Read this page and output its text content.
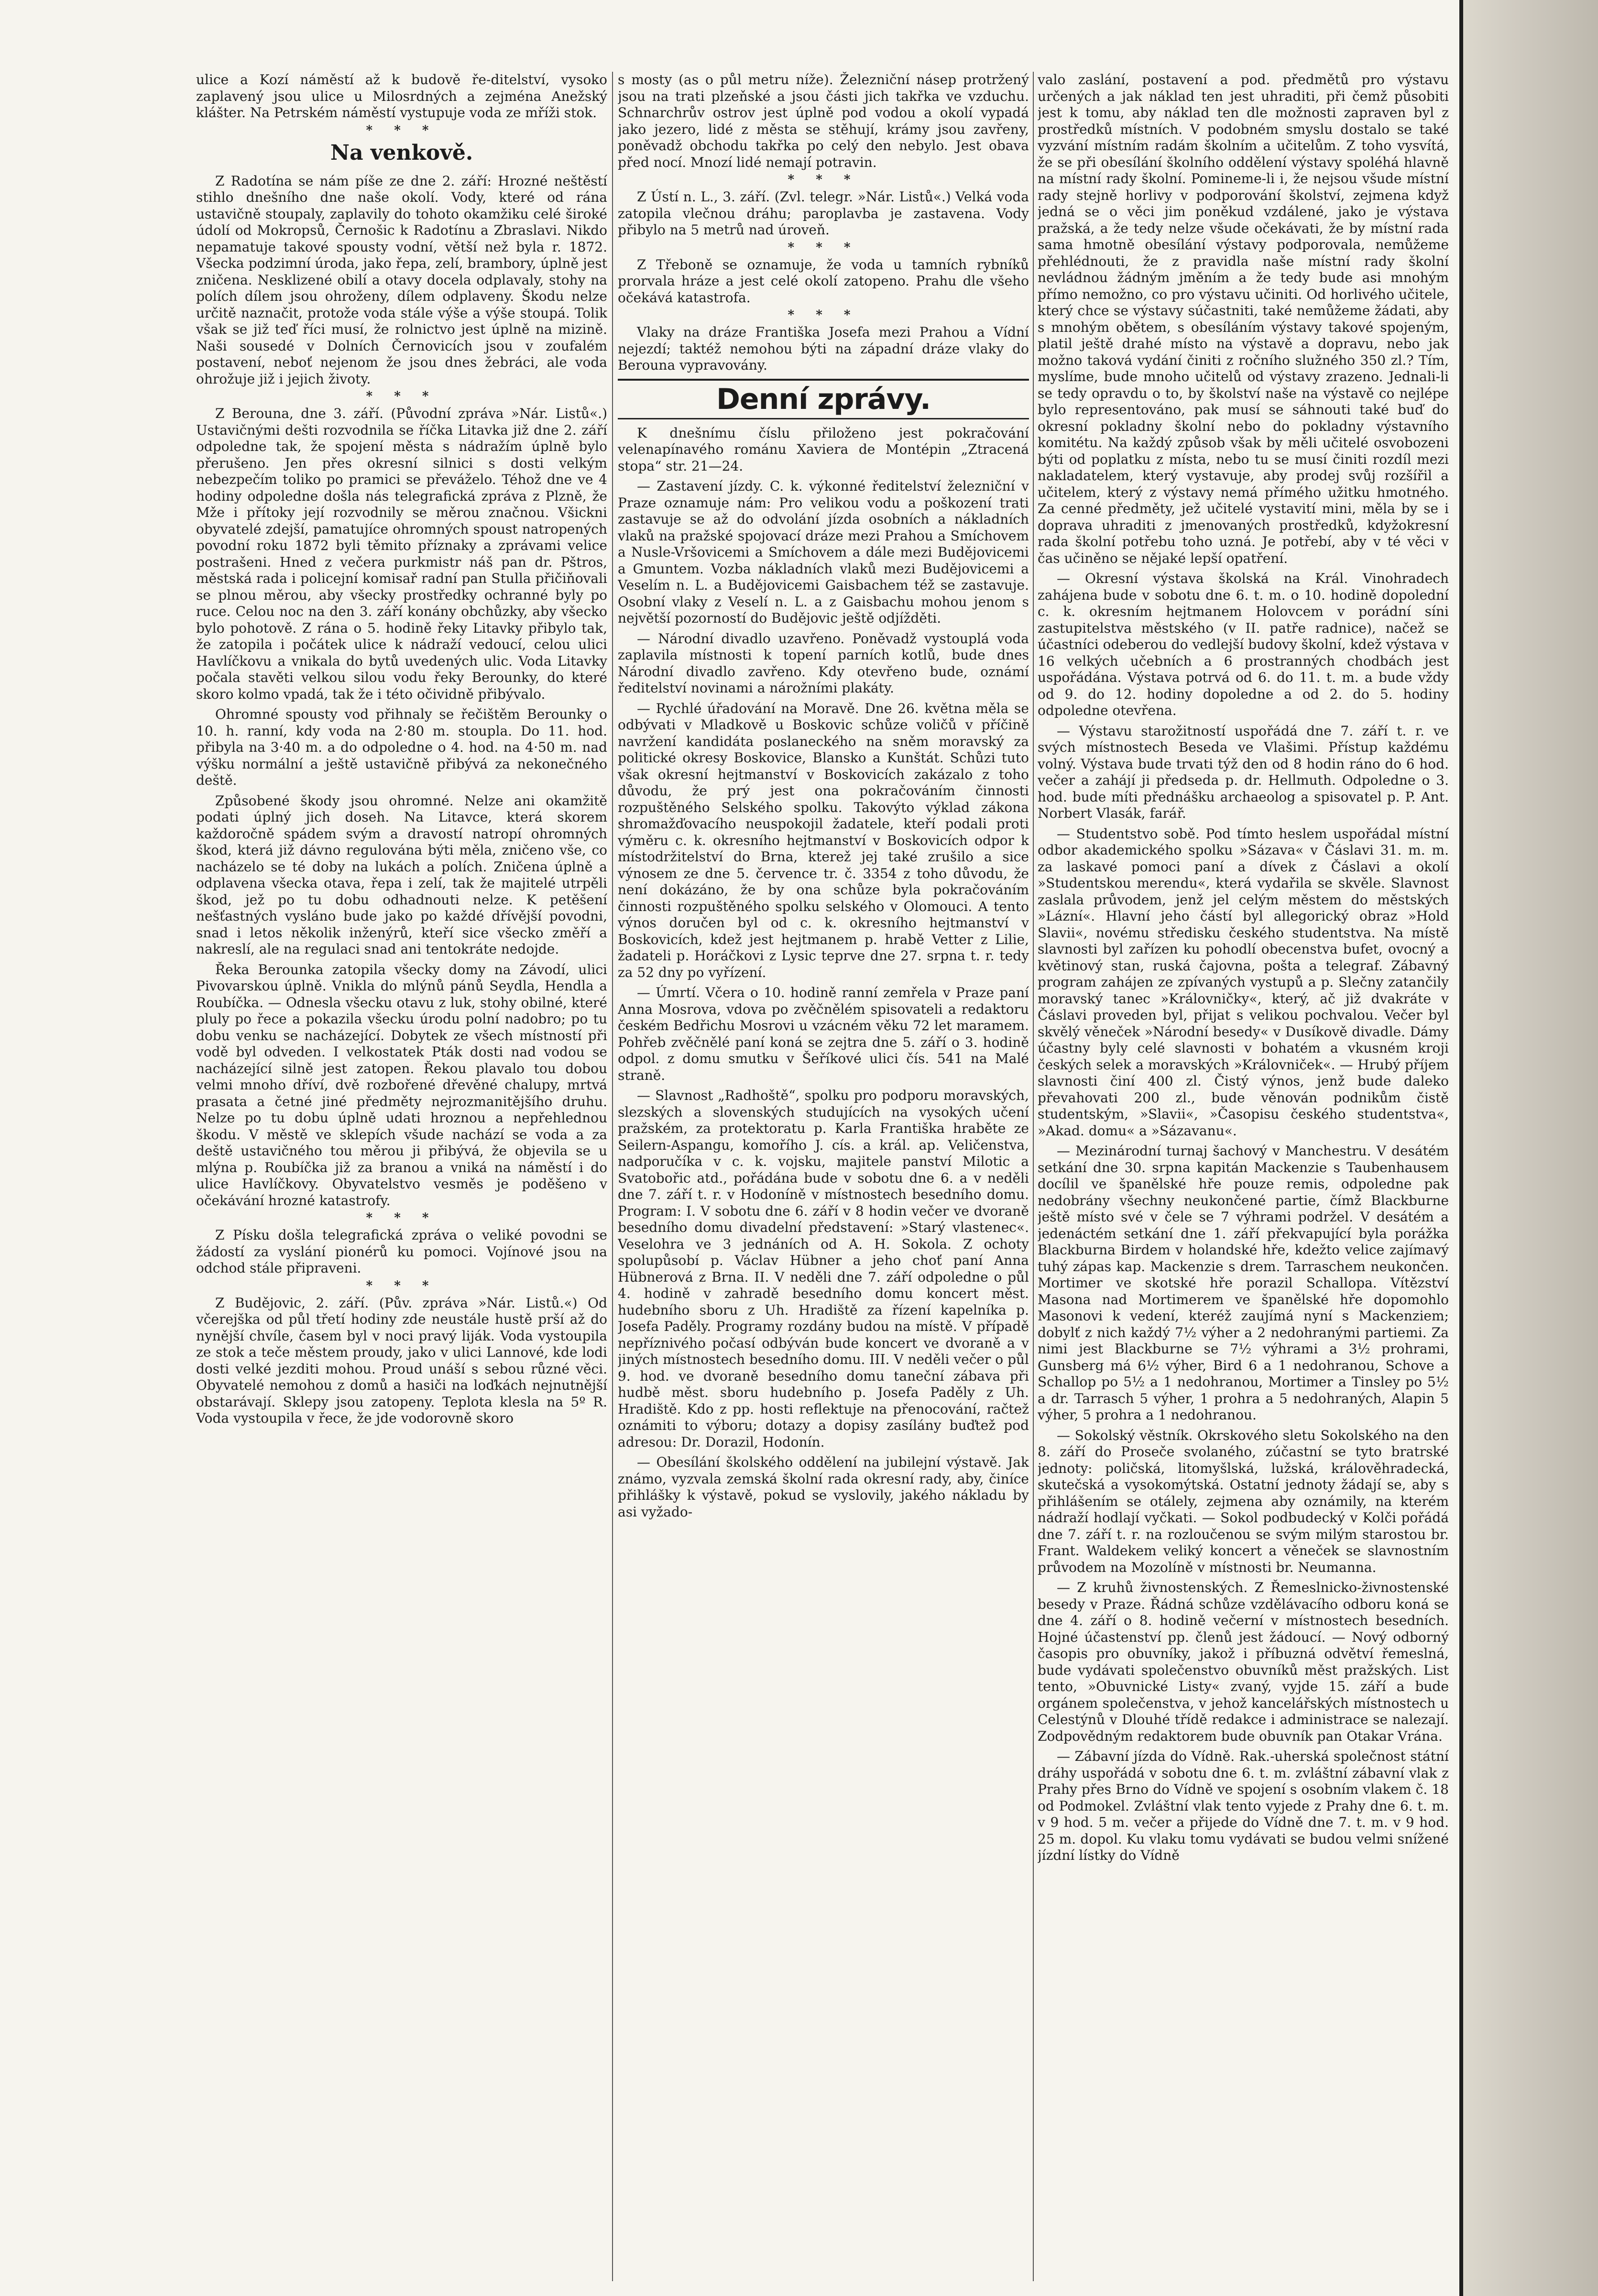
ulice a Kozí náměstí až k budově ře-ditelství, vysoko zaplavený jsou ulice u Milosrdných a zejména Anežský klášter. Na Petrském náměstí vystupuje voda ze mříži stok.

* * *
Na venkově.

Z Radotína se nám píše ze dne 2. září: Hrozné neštěstí stihlo dnešního dne naše okolí. Vody, které od rána ustavičně stoupaly, zaplavily do tohoto okamžiku celé široké údolí od Mokropsů, Černošic k Radotínu a Zbraslavi. Nikdo nepamatuje takové spousty vodní, větší než byla r. 1872. Všecka podzimní úroda, jako řepa, zelí, brambory, úplně jest zničena. Nesklizené obilí a otavy docela odplavaly, stohy na polích dílem jsou ohroženy, dílem odplaveny. Škodu nelze určitě naznačit, protože voda stále výše a výše stoupá. Tolik však se již teď říci musí, že rolnictvo jest úplně na mizině. Naši sousedé v Dolních Černovicích jsou v zoufalém postavení, neboť nejenom že jsou dnes žebráci, ale voda ohrožuje již i jejich životy.

* * *

Z Berouna, dne 3. září. (Původní zpráva »Nár. Listů«.) Ustavičnými dešti rozvodnila se říčka Litavka již dne 2. září odpoledne tak, že spojení města s nádražím úplně bylo přerušeno. Jen přes okresní silnici s dosti velkým nebezpečím toliko po pramici se převáželo. Téhož dne ve 4 hodiny odpoledne došla nás telegrafická zpráva z Plzně, že Mže i přítoky její rozvodnily se měrou značnou. Všickni obyvatelé zdejší, pamatujíce ohromných spoust natropených povodní roku 1872 byli těmito příznaky a zprávami velice postrašeni. Hned z večera purkmistr náš pan dr. Pštros, městská rada i policejní komisař radní pan Stulla přičiňovali se plnou měrou, aby všecky prostředky ochranné byly po ruce. Celou noc na den 3. září konány obchůzky, aby všecko bylo pohotově. Z rána o 5. hodině řeky Litavky přibylo tak, že zatopila i počátek ulice k nádraží vedoucí, celou ulici Havlíčkovu a vnikala do bytů uvedených ulic. Voda Litavky počala stavěti velkou silou vodu řeky Berounky, do které skoro kolmo vpadá, tak že i této očividně přibývalo.

Ohromné spousty vod přihnaly se řečištěm Berounky o 10. h. ranní, kdy voda na 2·80 m. stoupla. Do 11. hod. přibyla na 3·40 m. a do odpoledne o 4. hod. na 4·50 m. nad výšku normální a ještě ustavičně přibývá za nekonečného deště.

Způsobené škody jsou ohromné. Nelze ani okamžitě podati úplný jich doseh. Na Litavce, která skorem každoročně spádem svým a dravostí natropí ohromných škod, která již dávno regulována býti měla, zničeno vše, co nacházelo se té doby na lukách a polích. Zničena úplně a odplavena všecka otava, řepa i zelí, tak že majitelé utrpěli škod, jež po tu dobu odhadnouti nelze. K petěšení nešťastných vysláno bude jako po každé dřívější povodni, snad i letos několik inženýrů, kteří sice všecko změří a nakreslí, ale na regulaci snad ani tentokráte nedojde.

Řeka Berounka zatopila všecky domy na Závodí, ulici Pivovarskou úplně. Vnikla do mlýnů pánů Seydla, Hendla a Roubíčka. — Odnesla všecku otavu z luk, stohy obilné, které pluly po řece a pokazila všecku úrodu polní nadobro; po tu dobu venku se nacházející. Dobytek ze všech místností při vodě byl odveden. I velkostatek Pták dosti nad vodou se nacházející silně jest zatopen. Řekou plavalo tou dobou velmi mnoho dříví, dvě rozbořené dřevěné chalupy, mrtvá prasata a četné jiné předměty nejrozmanitějšího druhu. Nelze po tu dobu úplně udati hroznou a nepřehlednou škodu. V městě ve sklepích všude nachází se voda a za deště ustavičného tou měrou ji přibývá, že objevila se u mlýna p. Roubíčka již za branou a vniká na náměstí i do ulice Havlíčkovy. Obyvatelstvo vesměs je poděšeno v očekávání hrozné katastrofy.

* * *

Z Písku došla telegrafická zpráva o veliké povodni se žádostí za vyslání pionérů ku pomoci. Vojínové jsou na odchod stále připraveni.

* * *

Z Budějovic, 2. září. (Pův. zpráva »Nár. Listů.«) Od včerejška od půl třetí hodiny zde neustále hustě prší až do nynější chvíle, časem byl v noci pravý liják. Voda vystoupila ze stok a teče městem proudy, jako v ulici Lannové, kde lodi dosti velké jezditi mohou. Proud unáší s sebou různé věci. Obyvatelé nemohou z domů a hasiči na loďkách nejnutnější obstarávají. Sklepy jsou zatopeny. Teplota klesla na 5º R. Voda vystoupila v řece, že jde vodorovně skoro

s mosty (as o půl metru níže). Železniční násep protržený jsou na trati plzeňské a jsou části jich takřka ve vzduchu. Schnarchrův ostrov jest úplně pod vodou a okolí vypadá jako jezero, lidé z města se stěhují, krámy jsou zavřeny, poněvadž obchodu takřka po celý den nebylo. Jest obava před nocí. Mnozí lidé nemají potravin.

* * *

Z Ústí n. L., 3. září. (Zvl. telegr. »Nár. Listů«.) Velká voda zatopila vlečnou dráhu; paroplavba je zastavena. Vody přibylo na 5 metrů nad úroveň.

* * *

Z Třeboně se oznamuje, že voda u tamních rybníků prorvala hráze a jest celé okolí zatopeno. Prahu dle všeho očekává katastrofa.

* * *

Vlaky na dráze Františka Josefa mezi Prahou a Vídní nejezdí; taktéž nemohou býti na západní dráze vlaky do Berouna vypravovány.

Denní zprávy.

K dnešnímu číslu přiloženo jest pokračování velenapínavého románu Xaviera de Montépin „Ztracená stopa“ str. 21—24.

— Zastavení jízdy. C. k. výkonné ředitelství železniční v Praze oznamuje nám: Pro velikou vodu a poškození trati zastavuje se až do odvolání jízda osobních a nákladních vlaků na pražské spojovací dráze mezi Prahou a Smíchovem a Nusle-Vršovicemi a Smíchovem a dále mezi Budějovicemi a Gmuntem. Vozba nákladních vlaků mezi Budějovicemi a Veselím n. L. a Budějovicemi Gaisbachem též se zastavuje. Osobní vlaky z Veselí n. L. a z Gaisbachu mohou jenom s největší pozorností do Budějovic ještě odjížděti.

— Národní divadlo uzavřeno. Poněvadž vystouplá voda zaplavila místnosti k topení parních kotlů, bude dnes Národní divadlo zavřeno. Kdy otevřeno bude, oznámí ředitelství novinami a nárožními plakáty.

— Rychlé úřadování na Moravě. Dne 26. května měla se odbývati v Mladkově u Boskovic schůze voličů v příčině navržení kandidáta poslaneckého na sněm moravský za politické okresy Boskovice, Blansko a Kunštát. Schůzi tuto však okresní hejtmanství v Boskovicích zakázalo z toho důvodu, že prý jest ona pokračováním činnosti rozpuštěného Selského spolku. Takovýto výklad zákona shromažďovacího neuspokojil žadatele, kteří podali proti výměru c. k. okresního hejtmanství v Boskovicích odpor k místodržitelství do Brna, kterež jej také zrušilo a sice výnosem ze dne 5. července tr. č. 3354 z toho důvodu, že není dokázáno, že by ona schůze byla pokračováním činnosti rozpuštěného spolku selského v Olomouci. A tento výnos doručen byl od c. k. okresního hejtmanství v Boskovicích, kdež jest hejtmanem p. hrabě Vetter z Lilie, žadateli p. Horáčkovi z Lysic teprve dne 27. srpna t. r. tedy za 52 dny po vyřízení.

— Úmrtí. Včera o 10. hodině ranní zemřela v Praze paní Anna Mosrova, vdova po zvěčnělém spisovateli a redaktoru českém Bedřichu Mosrovi u vzácném věku 72 let maramem. Pohřeb zvěčnělé paní koná se zejtra dne 5. září o 3. hodině odpol. z domu smutku v Šeříkové ulici čís. 541 na Malé straně.

— Slavnost „Radhoště“, spolku pro podporu moravských, slezských a slovenských studujících na vysokých učení pražském, za protektoratu p. Karla Františka hraběte ze Seilern-Aspangu, komořího J. cís. a král. ap. Veličenstva, nadporučíka v c. k. vojsku, majitele panství Milotic a Svatobořic atd., pořádána bude v sobotu dne 6. a v neděli dne 7. září t. r. v Hodoníně v místnostech besedního domu. Program: I. V sobotu dne 6. září v 8 hodin večer ve dvoraně besedního domu divadelní představení: »Starý vlastenec«. Veselohra ve 3 jednáních od A. H. Sokola. Z ochoty spolupůsobí p. Václav Hübner a jeho choť paní Anna Hübnerová z Brna. II. V neděli dne 7. září odpoledne o půl 4. hodině v zahradě besedního domu koncert měst. hudebního sboru z Uh. Hradiště za řízení kapelníka p. Josefa Paděly. Programy rozdány budou na místě. V případě nepříznivého počasí odbýván bude koncert ve dvoraně a v jiných místnostech besedního domu. III. V neděli večer o půl 9. hod. ve dvoraně besedního domu taneční zábava při hudbě měst. sboru hudebního p. Josefa Paděly z Uh. Hradiště. Kdo z pp. hosti reflektuje na přenocování, račtež oznámiti to výboru; dotazy a dopisy zasílány buďtež pod adresou: Dr. Dorazil, Hodonín.

— Obesílání školského oddělení na jubilejní výstavě. Jak známo, vyzvala zemská školní rada okresní rady, aby, činíce přihlášky k výstavě, pokud se vyslovily, jakého nákladu by asi vyžado-

valo zaslání, postavení a pod. předmětů pro výstavu určených a jak náklad ten jest uhraditi, při čemž působiti jest k tomu, aby náklad ten dle možnosti zapraven byl z prostředků místních. V podobném smyslu dostalo se také vyzvání místním radám školním a učitelům. Z toho vysvítá, že se při obesílání školního oddělení výstavy spoléhá hlavně na místní rady školní. Pomineme-li i, že nejsou všude místní rady stejně horlivy v podporování školství, zejmena když jedná se o věci jim poněkud vzdálené, jako je výstava pražská, a že tedy nelze všude očekávati, že by místní rada sama hmotně obesílání výstavy podporovala, nemůžeme přehlédnouti, že z pravidla naše místní rady školní nevládnou žádným jměním a že tedy bude asi mnohým přímo nemožno, co pro výstavu učiniti. Od horlivého učitele, který chce se výstavy súčastniti, také nemůžeme žádati, aby s mnohým obětem, s obesíláním výstavy takové spojeným, platil ještě drahé místo na výstavě a dopravu, nebo jak možno taková vydání činiti z ročního služného 350 zl.? Tím, myslíme, bude mnoho učitelů od výstavy zrazeno. Jednali-li se tedy opravdu o to, by školství naše na výstavě co nejlépe bylo representováno, pak musí se sáhnouti také buď do okresní pokladny školní nebo do pokladny výstavního komitétu. Na každý způsob však by měli učitelé osvobozeni býti od poplatku z místa, nebo tu se musí činiti rozdíl mezi nakladatelem, který vystavuje, aby prodej svůj rozšířil a učitelem, který z výstavy nemá přímého užitku hmotného. Za cenné předměty, jež učitelé vystavití mini, měla by se i doprava uhraditi z jmenovaných prostředků, kdyžokresní rada školní potřebu toho uzná. Je potřebí, aby v té věci v čas učiněno se nějaké lepší opatření.

— Okresní výstava školská na Král. Vinohradech zahájena bude v sobotu dne 6. t. m. o 10. hodině dopolední c. k. okresním hejtmanem Holovcem v porádní síni zastupitelstva městského (v II. patře radnice), načež se účastníci odeberou do vedlejší budovy školní, kdež výstava v 16 velkých učebních a 6 prostranných chodbách jest uspořádána. Výstava potrvá od 6. do 11. t. m. a bude vždy od 9. do 12. hodiny dopoledne a od 2. do 5. hodiny odpoledne otevřena.

— Výstavu starožitností uspořádá dne 7. září t. r. ve svých místnostech Beseda ve Vlašimi. Přístup každému volný. Výstava bude trvati týž den od 8 hodin ráno do 6 hod. večer a zahájí ji předseda p. dr. Hellmuth. Odpoledne o 3. hod. bude míti přednášku archaeolog a spisovatel p. P. Ant. Norbert Vlasák, farář.

— Studentstvo sobě. Pod tímto heslem uspořádal místní odbor akademického spolku »Sázava« v Čáslavi 31. m. m. za laskavé pomoci paní a dívek z Čáslavi a okolí »Studentskou merendu«, která vydařila se skvěle. Slavnost zaslala průvodem, jenž jel celým městem do městských »Lázní«. Hlavní jeho částí byl allegorický obraz »Hold Slavii«, novému středisku českého studentstva. Na místě slavnosti byl zařízen ku pohodlí obecenstva bufet, ovocný a květinový stan, ruská čajovna, pošta a telegraf. Zábavný program zahájen ze zpívaných vystupů a p. Slečny zatančily moravský tanec »Královničky«, který, ač již dvakráte v Čáslavi proveden byl, přijat s velikou pochvalou. Večer byl skvělý věneček »Národní besedy« v Dusíkově divadle. Dámy účastny byly celé slavnosti v bohatém a vkusném kroji českých selek a moravských »Královniček«. — Hrubý příjem slavnosti činí 400 zl. Čistý výnos, jenž bude daleko převahovati 200 zl., bude věnován podnikům čistě studentským, »Slavii«, »Časopisu českého studentstva«, »Akad. domu« a »Sázavanu«.

— Mezinárodní turnaj šachový v Manchestru. V desátém setkání dne 30. srpna kapitán Mackenzie s Taubenhausem docílil ve španělské hře pouze remis, odpoledne pak nedobrány všechny neukončené partie, čímž Blackburne ještě místo své v čele se 7 výhrami podržel. V desátém a jedenáctém setkání dne 1. září překvapující byla porážka Blackburna Birdem v holandské hře, kdežto velice zajímavý tuhý zápas kap. Mackenzie s drem. Tarraschem neukončen. Mortimer ve skotské hře porazil Schallopa. Vítězství Masona nad Mortimerem ve španělské hře dopomohlo Masonovi k vedení, kteréž zaujímá nyní s Mackenziem; dobylť z nich každý 7½ výher a 2 nedohranými partiemi. Za nimi jest Blackburne se 7½ výhrami a 3½ prohrami, Gunsberg má 6½ výher, Bird 6 a 1 nedohranou, Schove a Schallop po 5½ a 1 nedohranou, Mortimer a Tinsley po 5½ a dr. Tarrasch 5 výher, 1 prohra a 5 nedohraných, Alapin 5 výher, 5 prohra a 1 nedohranou.

— Sokolský věstník. Okrskového sletu Sokolského na den 8. září do Proseče svolaného, zúčastní se tyto bratrské jednoty: poličská, litomyšlská, lužská, králověhradecká, skutečská a vysokomýtská. Ostatní jednoty žádají se, aby s přihlášením se otálely, zejmena aby oznámily, na kterém nádraží hodlají vyčkati. — Sokol podbudecký v Kolči pořádá dne 7. září t. r. na rozloučenou se svým milým starostou br. Frant. Waldekem veliký koncert a věneček se slavnostním průvodem na Mozolíně v místnosti br. Neumanna.

— Z kruhů živnostenských. Z Řemeslnicko-živnostenské besedy v Praze. Řádná schůze vzdělávacího odboru koná se dne 4. září o 8. hodině večerní v místnostech besedních. Hojné účastenství pp. členů jest žádoucí. — Nový odborný časopis pro obuvníky, jakož i příbuzná odvětví řemeslná, bude vydávati společenstvo obuvníků měst pražských. List tento, »Obuvnické Listy« zvaný, vyjde 15. září a bude orgánem společenstva, v jehož kancelářských místnostech u Celestýnů v Dlouhé třídě redakce i administrace se nalezají. Zodpovědným redaktorem bude obuvník pan Otakar Vrána.

— Zábavní jízda do Vídně. Rak.-uherská společnost státní dráhy uspořádá v sobotu dne 6. t. m. zvláštní zábavní vlak z Prahy přes Brno do Vídně ve spojení s osobním vlakem č. 18 od Podmokel. Zvláštní vlak tento vyjede z Prahy dne 6. t. m. v 9 hod. 5 m. večer a přijede do Vídně dne 7. t. m. v 9 hod. 25 m. dopol. Ku vlaku tomu vydávati se budou velmi snížené jízdní lístky do Vídně
